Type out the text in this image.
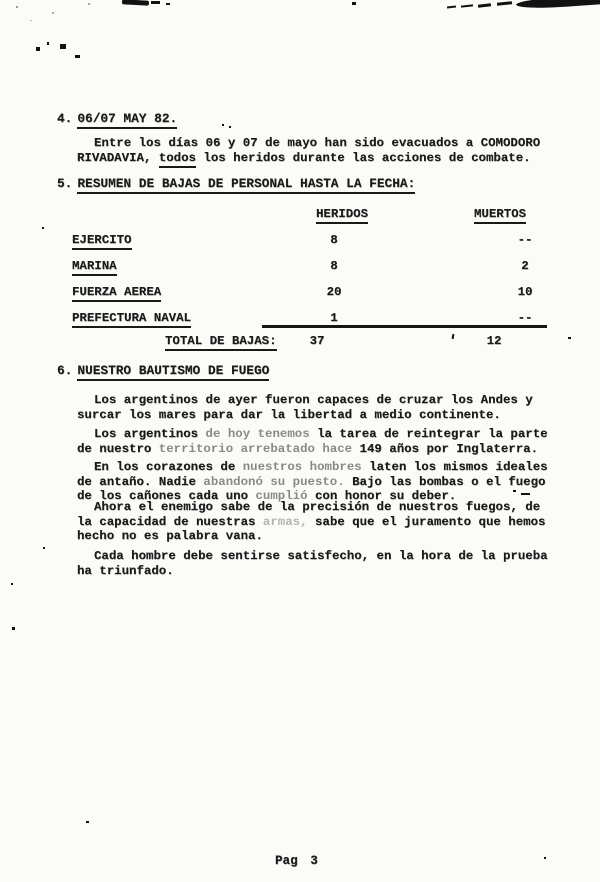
4. 06/07 MAY 82.
Entre los días 06 y 07 de mayo han sido evacuados a COMODORO
RIVADAVIA, todos los heridos durante las acciones de combate.
5. RESUMEN DE BAJAS DE PERSONAL HASTA LA FECHA:
HERIDOS	MUERTOS
EJERCITO	8	--
MARINA	8	2
FUERZA AEREA	20	10
PREFECTURA NAVAL	1	--
TOTAL DE BAJAS:	37	12
6. NUESTRO BAUTISMO DE FUEGO
Los argentinos de ayer fueron capaces de cruzar los Andes y
surcar los mares para dar la libertad a medio continente.
Los argentinos de hoy tenemos la tarea de reintegrar la parte
de nuestro territorio arrebatado hace 149 años por Inglaterra.
En los corazones de nuestros hombres laten los mismos ideales
de antaño. Nadie abandonó su puesto. Bajo las bombas o el fuego
de los cañones cada uno cumplió con honor su deber.
Ahora el enemigo sabe de la precisión de nuestros fuegos, de
la capacidad de nuestras armas, sabe que el juramento que hemos
hecho no es palabra vana.
Cada hombre debe sentirse satisfecho, en la hora de la prueba
ha triunfado.
Pag 3
